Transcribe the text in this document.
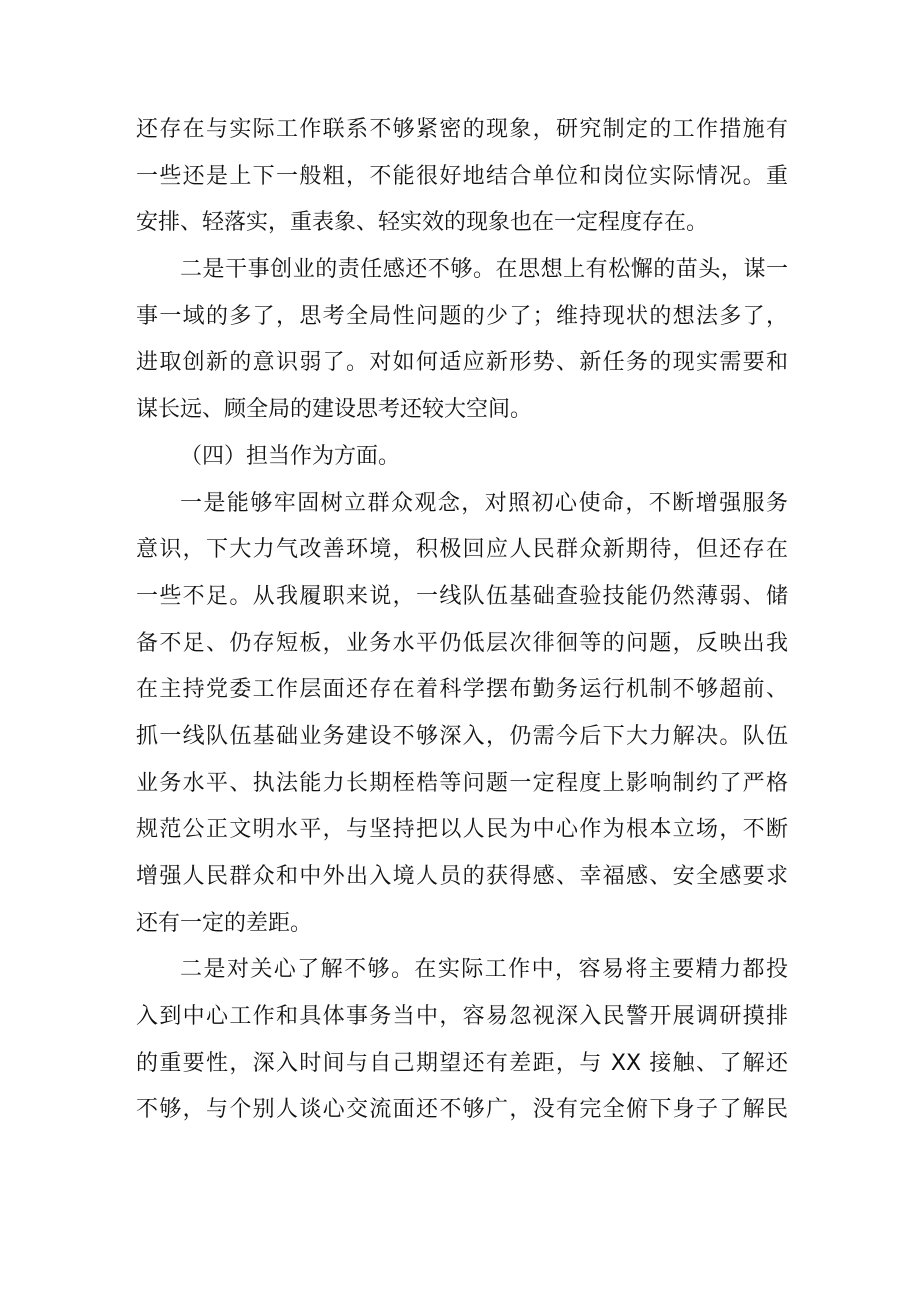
还存在与实际工作联系不够紧密的现象，研究制定的工作措施有
一些还是上下一般粗，不能很好地结合单位和岗位实际情况。重
安排、轻落实，重表象、轻实效的现象也在一定程度存在。
二是干事创业的责任感还不够。在思想上有松懈的苗头，谋一
事一域的多了，思考全局性问题的少了；维持现状的想法多了，
进取创新的意识弱了。对如何适应新形势、新任务的现实需要和
谋长远、顾全局的建设思考还较大空间。
（四）担当作为方面。
一是能够牢固树立群众观念，对照初心使命，不断增强服务
意识，下大力气改善环境，积极回应人民群众新期待，但还存在
一些不足。从我履职来说，一线队伍基础查验技能仍然薄弱、储
备不足、仍存短板，业务水平仍低层次徘徊等的问题，反映出我
在主持党委工作层面还存在着科学摆布勤务运行机制不够超前、
抓一线队伍基础业务建设不够深入，仍需今后下大力解决。队伍
业务水平、执法能力长期桎梏等问题一定程度上影响制约了严格
规范公正文明水平，与坚持把以人民为中心作为根本立场，不断
增强人民群众和中外出入境人员的获得感、幸福感、安全感要求
还有一定的差距。
二是对关心了解不够。在实际工作中，容易将主要精力都投
入到中心工作和具体事务当中，容易忽视深入民警开展调研摸排
的重要性，深入时间与自己期望还有差距，与 XX 接触、了解还
不够，与个别人谈心交流面还不够广，没有完全俯下身子了解民
